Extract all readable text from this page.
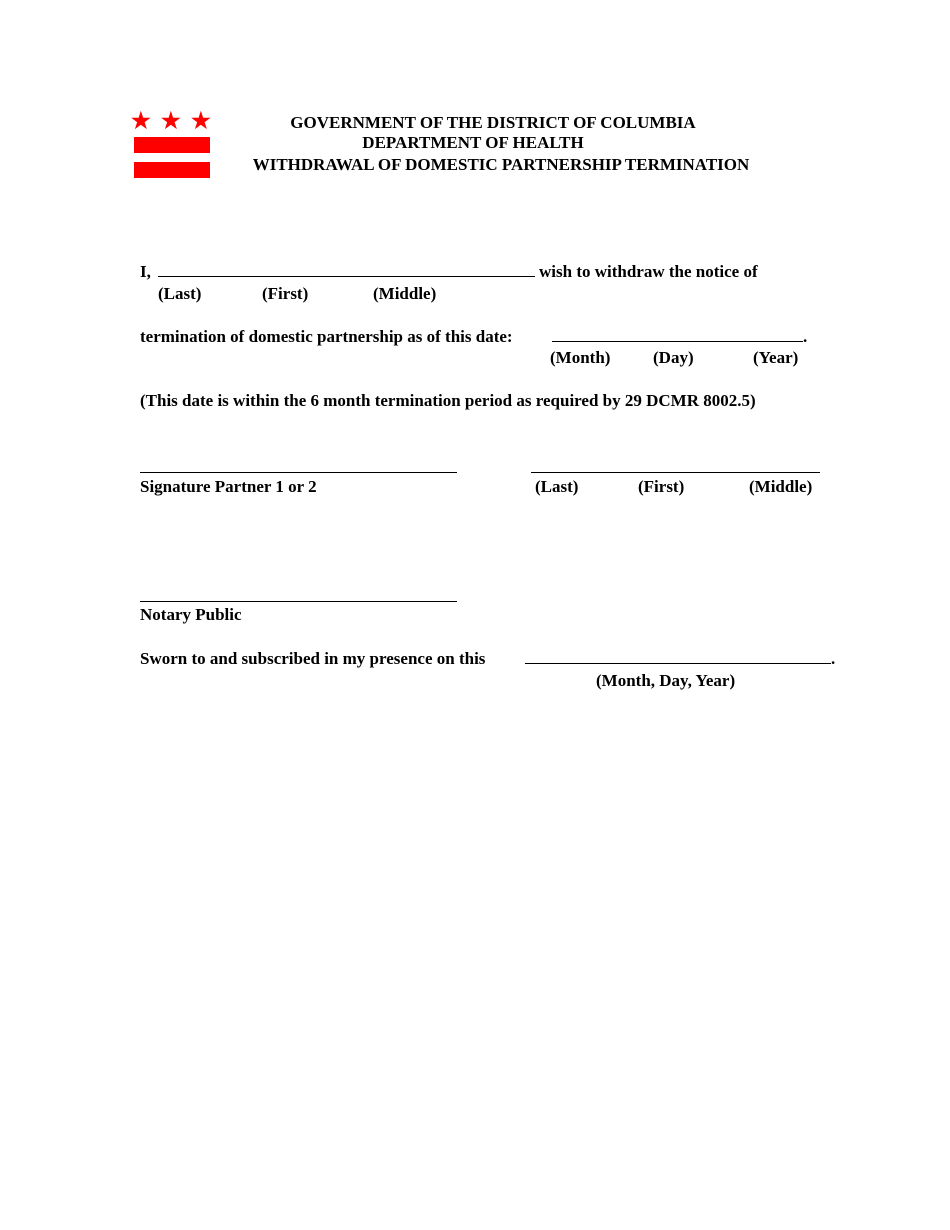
★ ★ ★	GOVERNMENT OF THE DISTRICT OF COLUMBIA
DEPARTMENT OF HEALTH
WITHDRAWAL OF DOMESTIC PARTNERSHIP TERMINATION
I,	wish to withdraw the notice of
(Last)	(First)	(Middle)
termination of domestic partnership as of this date:	.
(Month)	(Day)	(Year)
(This date is within the 6 month termination period as required by 29 DCMR 8002.5)
Signature Partner 1 or 2	(Last)	(First)	(Middle)
Notary Public
Sworn to and subscribed in my presence on this	.
(Month, Day, Year)
